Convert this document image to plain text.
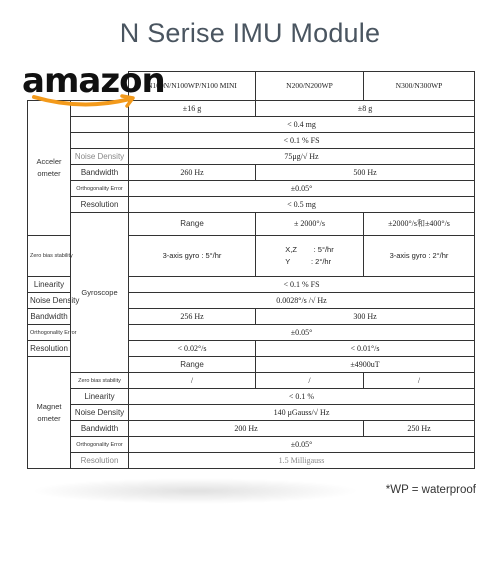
N Serise IMU Module
		N100N/N100WP/N100 MINI	N200/N200WP	N300/N300WP	
Acceler ometer		±16 g	±8 g		
		< 0.4 mg			
		< 0.1 % FS			
	Noise Density	75μg/√ Hz			
	Bandwidth	260 Hz	500 Hz		
	Orthogonality Error	±0.05°			
	Resolution	< 0.5 mg			
	Gyroscope	Range	± 2000°/s	±2000°/s和±400°/s	
Zero bias stability		3-axis gyro : 5°/hr	X,Z        : 5°/hr
Y          : 2°/hr	3-axis gyro : 2°/hr	
Linearity		< 0.1 % FS			
Noise Density		0.0028°/s /√ Hz			
Bandwidth		256 Hz	300 Hz		
Orthogonality Error		±0.05°			
Resolution		< 0.02°/s	< 0.01°/s		
Magnet ometer		Range	±4900uT		
	Zero bias stability	/	/	/	
	Linearity	< 0.1 %			
	Noise Density	140 μGauss/√ Hz			
	Bandwidth	200 Hz		250 Hz	
	Orthogonality Error	±0.05°			
	Resolution	1.5 Milligauss			
amazon
*WP = waterproof
